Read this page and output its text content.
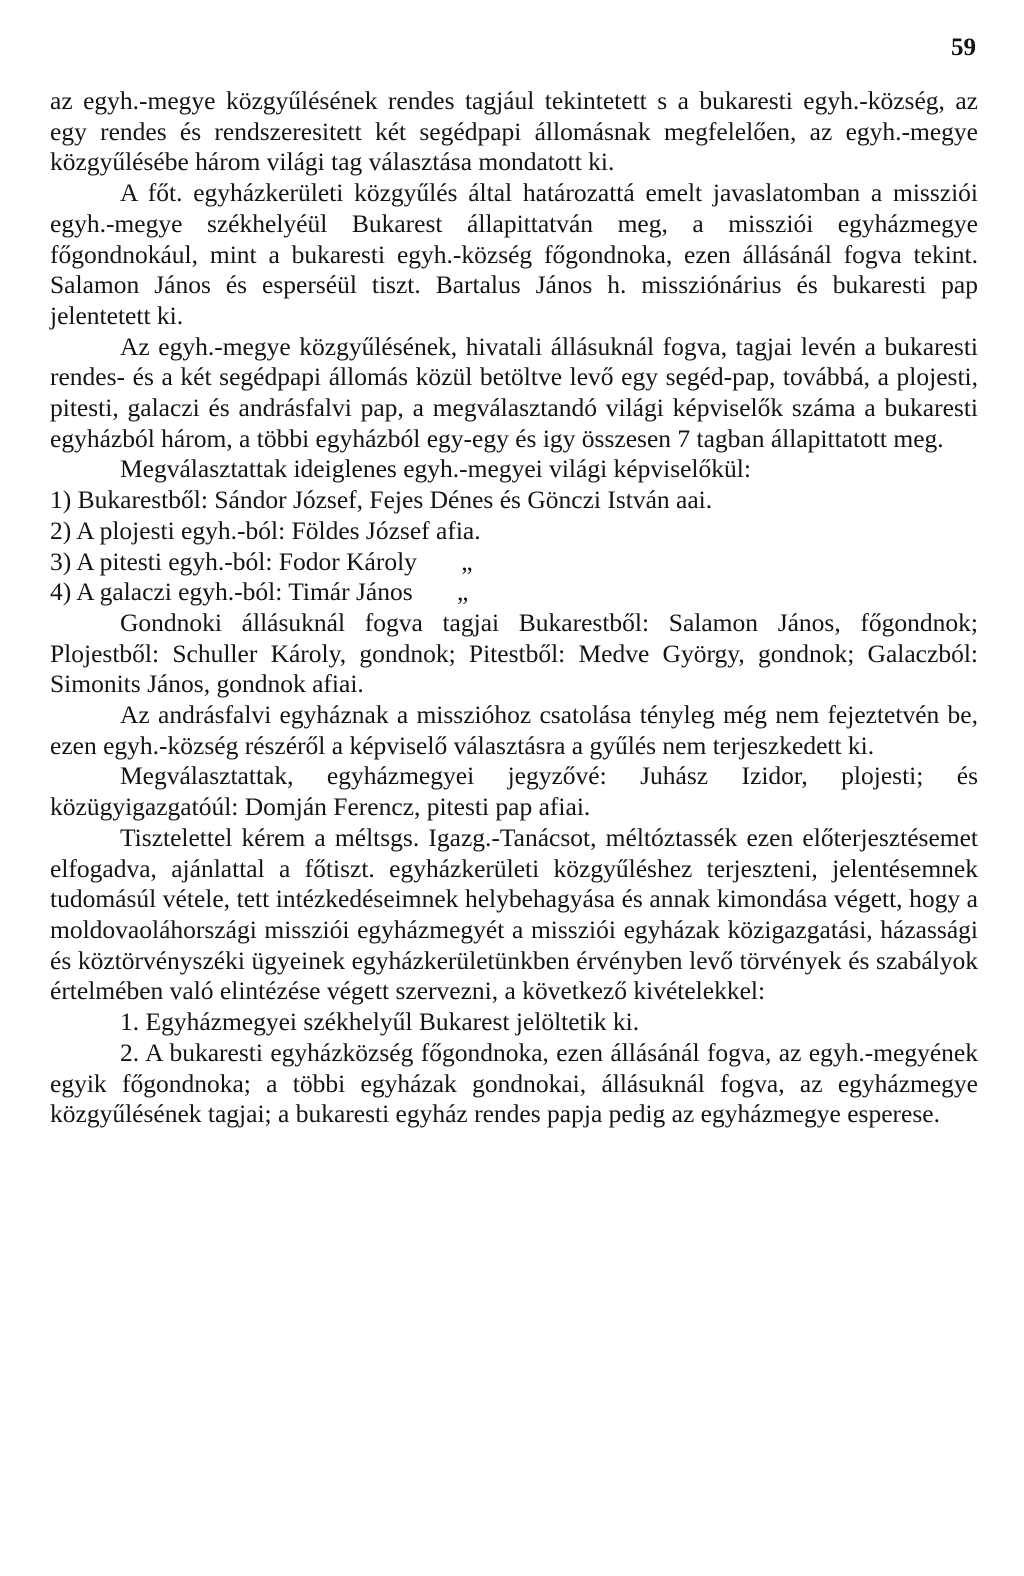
59

az egyh.-megye közgyűlésének rendes tagjául tekintetett s a bukaresti egyh.-község, az egy rendes és rendszeresitett két segédpapi állomásnak megfelelően, az egyh.-megye közgyűlésébe három világi tag választása mondatott ki.

A főt. egyházkerületi közgyűlés által határozattá emelt javaslatomban a missziói egyh.-megye székhelyéül Bukarest állapittatván meg, a missziói egyházmegye főgondnokául, mint a bukaresti egyh.-község főgondnoka, ezen állásánál fogva tekint. Salamon János és esperséül tiszt. Bartalus János h. missziónárius és bukaresti pap jelentetett ki.

Az egyh.-megye közgyűlésének, hivatali állásuknál fogva, tagjai levén a bukaresti rendes- és a két segédpapi állomás közül betöltve levő egy segéd-pap, továbbá, a plojesti, pitesti, galaczi és andrásfalvi pap, a megválasztandó világi képviselők száma a bukaresti egyházból három, a többi egyházból egy-egy és igy összesen 7 tagban állapittatott meg.

Megválasztattak ideiglenes egyh.-megyei világi képviselőkül:

1) Bukarestből: Sándor József, Fejes Dénes és Gönczi István aai.

2) A plojesti egyh.-ból: Földes József afia.

3) A pitesti egyh.-ból: Fodor Károly „

4) A galaczi egyh.-ból: Timár János „

Gondnoki állásuknál fogva tagjai Bukarestből: Salamon János, főgondnok; Plojestből: Schuller Károly, gondnok; Pitestből: Medve György, gondnok; Galaczból: Simonits János, gondnok afiai.

Az andrásfalvi egyháznak a misszióhoz csatolása tényleg még nem fejeztetvén be, ezen egyh.-község részéről a képviselő választásra a gyűlés nem terjeszkedett ki.

Megválasztattak, egyházmegyei jegyzővé: Juhász Izidor, plojesti; és közügyigazgatóúl: Domján Ferencz, pitesti pap afiai.

Tisztelettel kérem a méltsgs. Igazg.-Tanácsot, méltóztassék ezen előterjesztésemet elfogadva, ajánlattal a főtiszt. egyházkerületi közgyűléshez terjeszteni, jelentésemnek tudomásúl vétele, tett intézkedéseimnek helybehagyása és annak kimondása végett, hogy a moldovaoláhországi missziói egyházmegyét a missziói egyházak közigazgatási, házassági és köztörvényszéki ügyeinek egyházkerületünkben érvényben levő törvények és szabályok értelmében való elintézése végett szervezni, a következő kivételekkel:

1. Egyházmegyei székhelyűl Bukarest jelöltetik ki.

2. A bukaresti egyházközség főgondnoka, ezen állásánál fogva, az egyh.-megyének egyik főgondnoka; a többi egyházak gondnokai, állásuknál fogva, az egyházmegye közgyűlésének tagjai; a bukaresti egyház rendes papja pedig az egyházmegye esperese.
